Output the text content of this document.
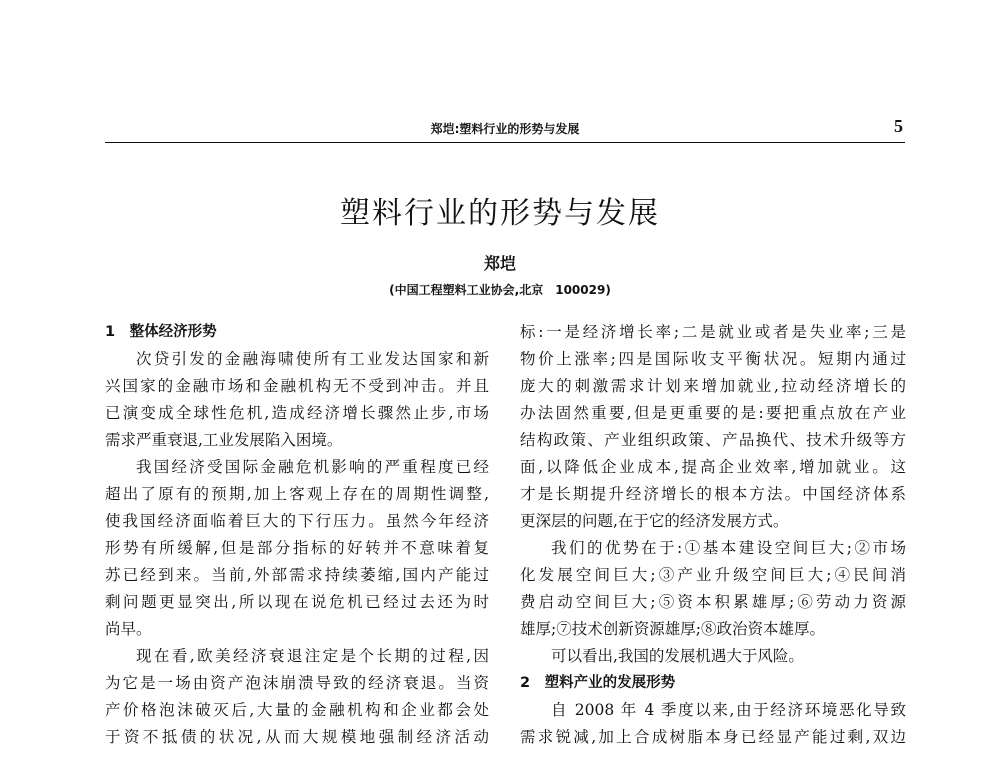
郑垲:塑料行业的形势与发展	5
塑料行业的形势与发展
郑垲
(中国工程塑料工业协会,北京　100029)
1　整体经济形势
次贷引发的金融海啸使所有工业发达国家和新
兴国家的金融市场和金融机构无不受到冲击。并且
已演变成全球性危机,造成经济增长骤然止步,市场
需求严重衰退,工业发展陷入困境。
我国经济受国际金融危机影响的严重程度已经
超出了原有的预期,加上客观上存在的周期性调整,
使我国经济面临着巨大的下行压力。虽然今年经济
形势有所缓解,但是部分指标的好转并不意味着复
苏已经到来。当前,外部需求持续萎缩,国内产能过
剩问题更显突出,所以现在说危机已经过去还为时
尚早。
现在看,欧美经济衰退注定是个长期的过程,因
为它是一场由资产泡沫崩溃导致的经济衰退。当资
产价格泡沫破灭后,大量的金融机构和企业都会处
于资不抵债的状况,从而大规模地强制经济活动
标:一是经济增长率;二是就业或者是失业率;三是
物价上涨率;四是国际收支平衡状况。短期内通过
庞大的刺激需求计划来增加就业,拉动经济增长的
办法固然重要,但是更重要的是:要把重点放在产业
结构政策、产业组织政策、产品换代、技术升级等方
面,以降低企业成本,提高企业效率,增加就业。这
才是长期提升经济增长的根本方法。中国经济体系
更深层的问题,在于它的经济发展方式。
我们的优势在于:①基本建设空间巨大;②市场
化发展空间巨大;③产业升级空间巨大;④民间消
费启动空间巨大;⑤资本积累雄厚;⑥劳动力资源
雄厚;⑦技术创新资源雄厚;⑧政治资本雄厚。
可以看出,我国的发展机遇大于风险。
2　塑料产业的发展形势
自 2008 年 4 季度以来,由于经济环境恶化导致
需求锐减,加上合成树脂本身已经显产能过剩,双边
